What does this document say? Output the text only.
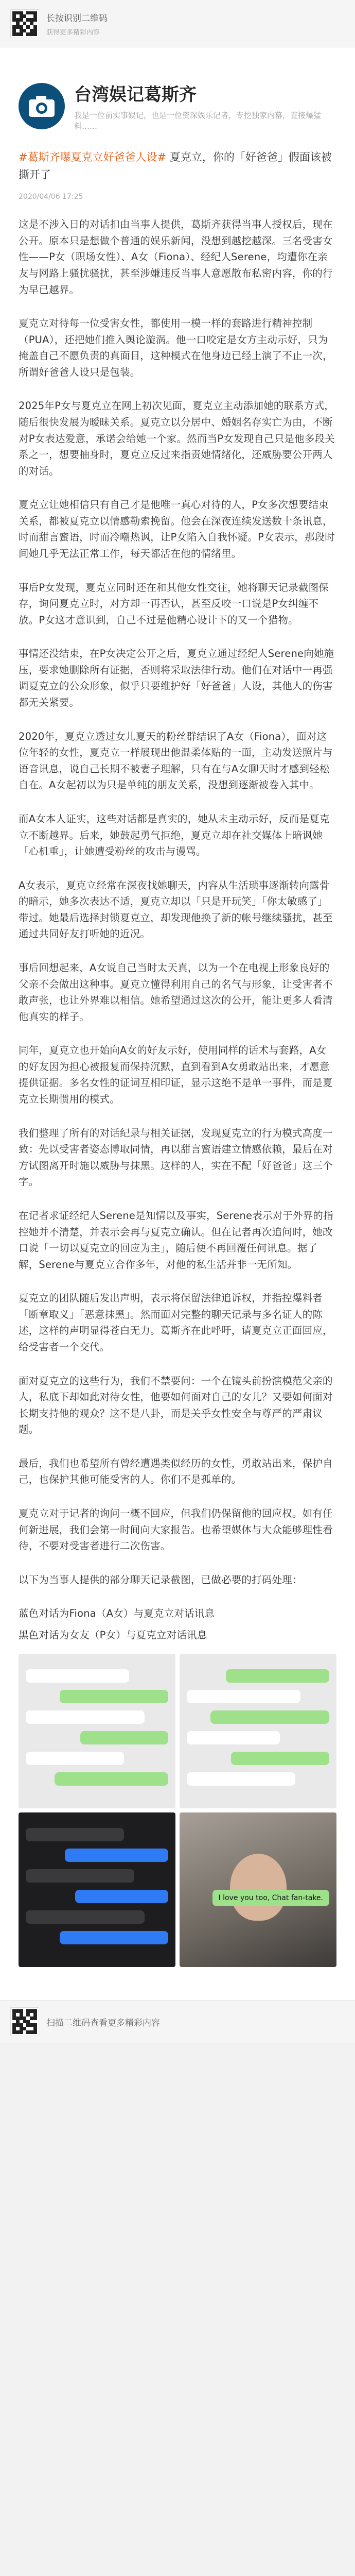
长按识别二维码
获得更多精彩内容
台湾娱记葛斯齐
我是一位前实事娱记，也是一位资深娱乐记者，专挖独家内幕，直接爆猛料……
#葛斯齐曝夏克立好爸爸人设# 夏克立，你的「好爸爸」假面该被撕开了
2020/04/06 17:25
这是不涉入日的对话扣由当事人提供，葛斯齐获得当事人授权后，现在公开。原本只是想做个普通的娱乐新闻，没想到越挖越深。三名受害女性——P女（职场女性）、A女（Fiona）、经纪人Serene，均遭你在亲友与网路上骚扰骚扰，甚至涉嫌违反当事人意愿散布私密内容，你的行为早已越界。
夏克立对待每一位受害女性，都使用一模一样的套路进行精神控制（PUA），还把她们推入舆论漩涡。他一口咬定是女方主动示好，只为掩盖自己不愿负责的真面目，这种模式在他身边已经上演了不止一次，所谓好爸爸人设只是包装。
2025年P女与夏克立在网上初次见面，夏克立主动添加她的联系方式，随后很快发展为暧昧关系。夏克立以分居中、婚姻名存实亡为由，不断对P女表达爱意，承诺会给她一个家。然而当P女发现自己只是他多段关系之一，想要抽身时，夏克立反过来指责她情绪化，还威胁要公开两人的对话。
夏克立让她相信只有自己才是他唯一真心对待的人，P女多次想要结束关系，都被夏克立以情感勒索挽留。他会在深夜连续发送数十条讯息，时而甜言蜜语，时而冷嘲热讽，让P女陷入自我怀疑。P女表示，那段时间她几乎无法正常工作，每天都活在他的情绪里。
事后P女发现，夏克立同时还在和其他女性交往，她将聊天记录截图保存，询问夏克立时，对方却一再否认，甚至反咬一口说是P女纠缠不放。P女这才意识到，自己不过是他精心设计下的又一个猎物。
事情还没结束，在P女决定公开之后，夏克立通过经纪人Serene向她施压，要求她删除所有证据，否则将采取法律行动。他们在对话中一再强调夏克立的公众形象，似乎只要维护好「好爸爸」人设，其他人的伤害都无关紧要。
2020年，夏克立透过女儿夏天的粉丝群结识了A女（Fiona），面对这位年轻的女性，夏克立一样展现出他温柔体贴的一面，主动发送照片与语音讯息，说自己长期不被妻子理解，只有在与A女聊天时才感到轻松自在。A女起初以为只是单纯的朋友关系，没想到逐渐被卷入其中。
而A女本人证实，这些对话都是真实的，她从未主动示好，反而是夏克立不断越界。后来，她鼓起勇气拒绝，夏克立却在社交媒体上暗讽她「心机重」，让她遭受粉丝的攻击与谩骂。
A女表示，夏克立经常在深夜找她聊天，内容从生活琐事逐渐转向露骨的暗示，她多次表达不适，夏克立却以「只是开玩笑」「你太敏感了」带过。她最后选择封锁夏克立，却发现他换了新的帐号继续骚扰，甚至通过共同好友打听她的近况。
事后回想起来，A女说自己当时太天真，以为一个在电视上形象良好的父亲不会做出这种事。夏克立懂得利用自己的名气与形象，让受害者不敢声张，也让外界难以相信。她希望通过这次的公开，能让更多人看清他真实的样子。
同年，夏克立也开始向A女的好友示好，使用同样的话术与套路，A女的好友因为担心被报复而保持沉默，直到看到A女勇敢站出来，才愿意提供证据。多名女性的证词互相印证，显示这绝不是单一事件，而是夏克立长期惯用的模式。
我们整理了所有的对话纪录与相关证据，发现夏克立的行为模式高度一致：先以受害者姿态博取同情，再以甜言蜜语建立情感依赖，最后在对方试图离开时施以威胁与抹黑。这样的人，实在不配「好爸爸」这三个字。
在记者求证经纪人Serene是知情以及事实，Serene表示对于外界的指控她并不清楚，并表示会再与夏克立确认。但在记者再次追问时，她改口说「一切以夏克立的回应为主」，随后便不再回覆任何讯息。据了解，Serene与夏克立合作多年，对他的私生活并非一无所知。
夏克立的团队随后发出声明，表示将保留法律追诉权，并指控爆料者「断章取义」「恶意抹黑」。然而面对完整的聊天记录与多名证人的陈述，这样的声明显得苍白无力。葛斯齐在此呼吁，请夏克立正面回应，给受害者一个交代。
面对夏克立的这些行为，我们不禁要问：一个在镜头前扮演模范父亲的人，私底下却如此对待女性，他要如何面对自己的女儿？又要如何面对长期支持他的观众？这不是八卦，而是关乎女性安全与尊严的严肃议题。
最后，我们也希望所有曾经遭遇类似经历的女性，勇敢站出来，保护自己，也保护其他可能受害的人。你们不是孤单的。
夏克立对于记者的询问一概不回应，但我们仍保留他的回应权。如有任何新进展，我们会第一时间向大家报告。也希望媒体与大众能够理性看待，不要对受害者进行二次伤害。
以下为当事人提供的部分聊天记录截图，已做必要的打码处理：
蓝色对话为Fiona（A女）与夏克立对话讯息
黑色对话为女友（P女）与夏克立对话讯息
I love you too, Chat fan-take.
扫描二维码查看更多精彩内容
